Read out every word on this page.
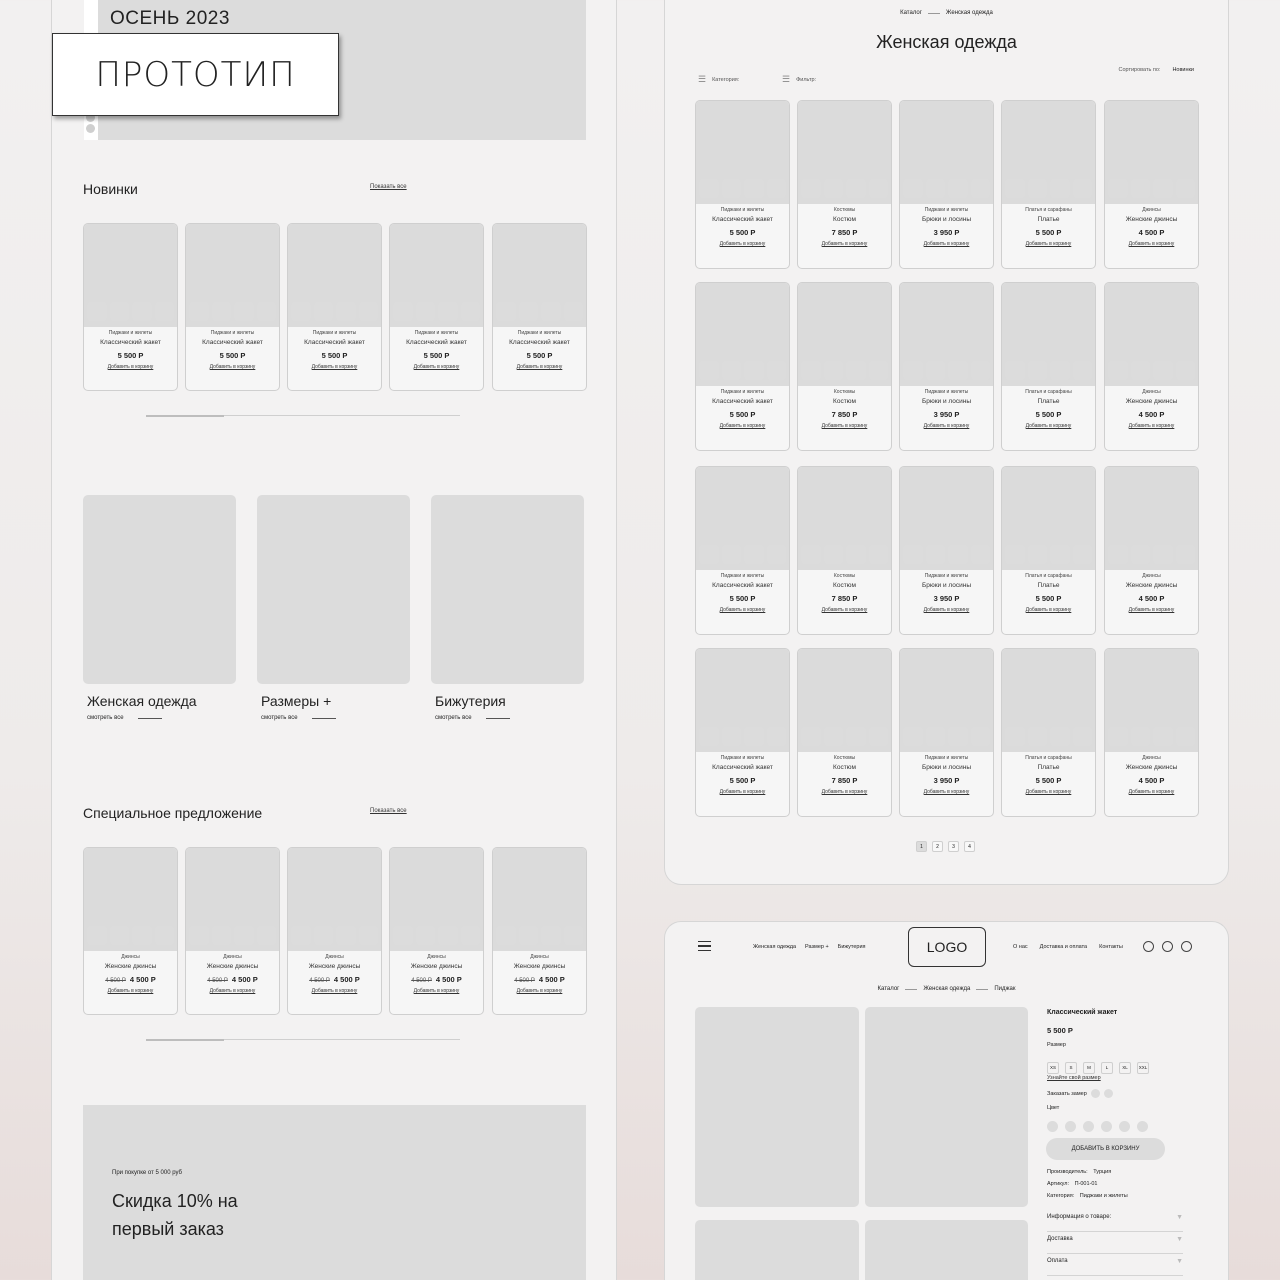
ОСЕНЬ 2023
Новинки	Показать все
Пиджаки и жилеты
Классический жакет
5 500 Р
Добавить в корзину
Пиджаки и жилеты
Классический жакет
5 500 Р
Добавить в корзину
Пиджаки и жилеты
Классический жакет
5 500 Р
Добавить в корзину
Пиджаки и жилеты
Классический жакет
5 500 Р
Добавить в корзину
Пиджаки и жилеты
Классический жакет
5 500 Р
Добавить в корзину
Женская одежда
смотреть все
Размеры +
смотреть все
Бижутерия
смотреть все
Специальное предложение	Показать все
Джинсы
Женские джинсы
4 500 Р 4 500 Р
Добавить в корзину
Джинсы
Женские джинсы
4 500 Р 4 500 Р
Добавить в корзину
Джинсы
Женские джинсы
4 500 Р 4 500 Р
Добавить в корзину
Джинсы
Женские джинсы
4 500 Р 4 500 Р
Добавить в корзину
Джинсы
Женские джинсы
4 500 Р 4 500 Р
Добавить в корзину
При покупке от 5 000 руб
Скидка 10% на
первый заказ
ПРОТОТИП
Каталог	Женская одежда
Женская одежда
☰ Категория:	☰ Фильтр:
Сортировать по: Новинки
Пиджаки и жилеты
Классический жакет
5 500 Р
Добавить в корзину
Костюмы
Костюм
7 850 Р
Добавить в корзину
Пиджаки и жилеты
Брюки и лосины
3 950 Р
Добавить в корзину
Платья и сарафаны
Платье
5 500 Р
Добавить в корзину
Джинсы
Женские джинсы
4 500 Р
Добавить в корзину
Пиджаки и жилеты
Классический жакет
5 500 Р
Добавить в корзину
Костюмы
Костюм
7 850 Р
Добавить в корзину
Пиджаки и жилеты
Брюки и лосины
3 950 Р
Добавить в корзину
Платья и сарафаны
Платье
5 500 Р
Добавить в корзину
Джинсы
Женские джинсы
4 500 Р
Добавить в корзину
Пиджаки и жилеты
Классический жакет
5 500 Р
Добавить в корзину
Костюмы
Костюм
7 850 Р
Добавить в корзину
Пиджаки и жилеты
Брюки и лосины
3 950 Р
Добавить в корзину
Платья и сарафаны
Платье
5 500 Р
Добавить в корзину
Джинсы
Женские джинсы
4 500 Р
Добавить в корзину
Пиджаки и жилеты
Классический жакет
5 500 Р
Добавить в корзину
Костюмы
Костюм
7 850 Р
Добавить в корзину
Пиджаки и жилеты
Брюки и лосины
3 950 Р
Добавить в корзину
Платья и сарафаны
Платье
5 500 Р
Добавить в корзину
Джинсы
Женские джинсы
4 500 Р
Добавить в корзину
1	2	3	4
Женская одежда Размер + Бижутерия	LOGO	О нас Доставка и оплата Контакты
Каталог	Женская одежда	Пиджак
Классический жакет
5 500 Р
Размер
XS	S	M	L	XL XXL
Узнайте свой размер
Заказать замер
Цвет
ДОБАВИТЬ В КОРЗИНУ
Производитель: Турция
Артикул: П-001-01
Категория: Пиджаки и жилеты
Информация о товаре:	▼
Доставка	▼
Оплата	▼
